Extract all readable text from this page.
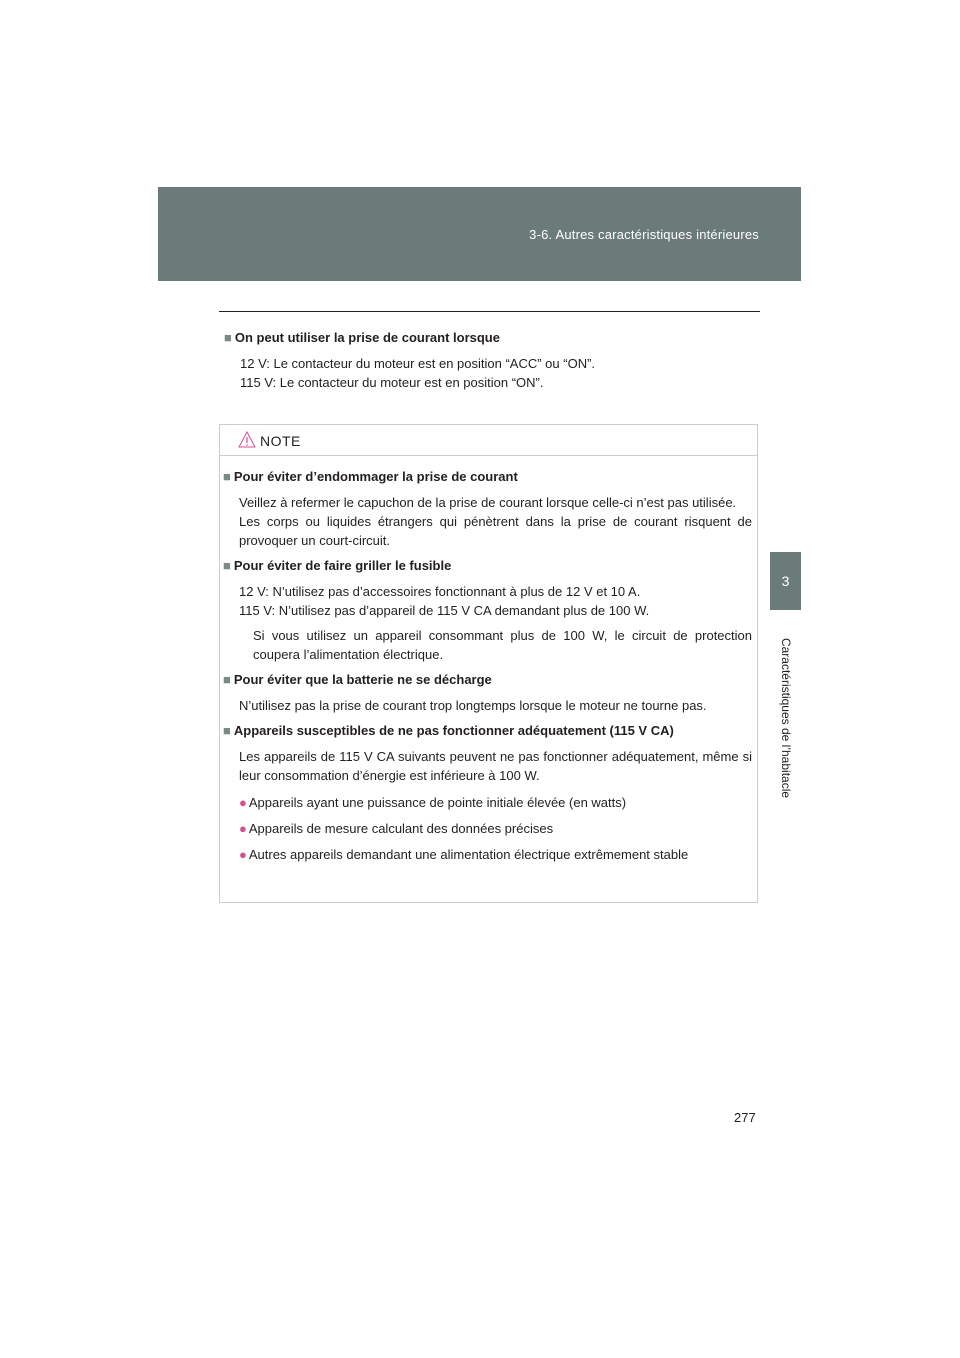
3-6. Autres caractéristiques intérieures
3
Caractéristiques de l’habitacle
■ On peut utiliser la prise de courant lorsque
12 V: Le contacteur du moteur est en position “ACC” ou “ON”.
115 V: Le contacteur du moteur est en position “ON”.
NOTE
■ Pour éviter d’endommager la prise de courant
Veillez à refermer le capuchon de la prise de courant lorsque celle-ci n’est pas utilisée.
Les corps ou liquides étrangers qui pénètrent dans la prise de courant risquent de provoquer un court-circuit.
■ Pour éviter de faire griller le fusible
12 V: N’utilisez pas d’accessoires fonctionnant à plus de 12 V et 10 A.
115 V: N’utilisez pas d’appareil de 115 V CA demandant plus de 100 W.
Si vous utilisez un appareil consommant plus de 100 W, le circuit de protection coupera l’alimentation électrique.
■ Pour éviter que la batterie ne se décharge
N’utilisez pas la prise de courant trop longtemps lorsque le moteur ne tourne pas.
■ Appareils susceptibles de ne pas fonctionner adéquatement (115 V CA)
Les appareils de 115 V CA suivants peuvent ne pas fonctionner adéquatement, même si leur consommation d’énergie est inférieure à 100 W.
● Appareils ayant une puissance de pointe initiale élevée (en watts)
● Appareils de mesure calculant des données précises
● Autres appareils demandant une alimentation électrique extrêmement stable
277
